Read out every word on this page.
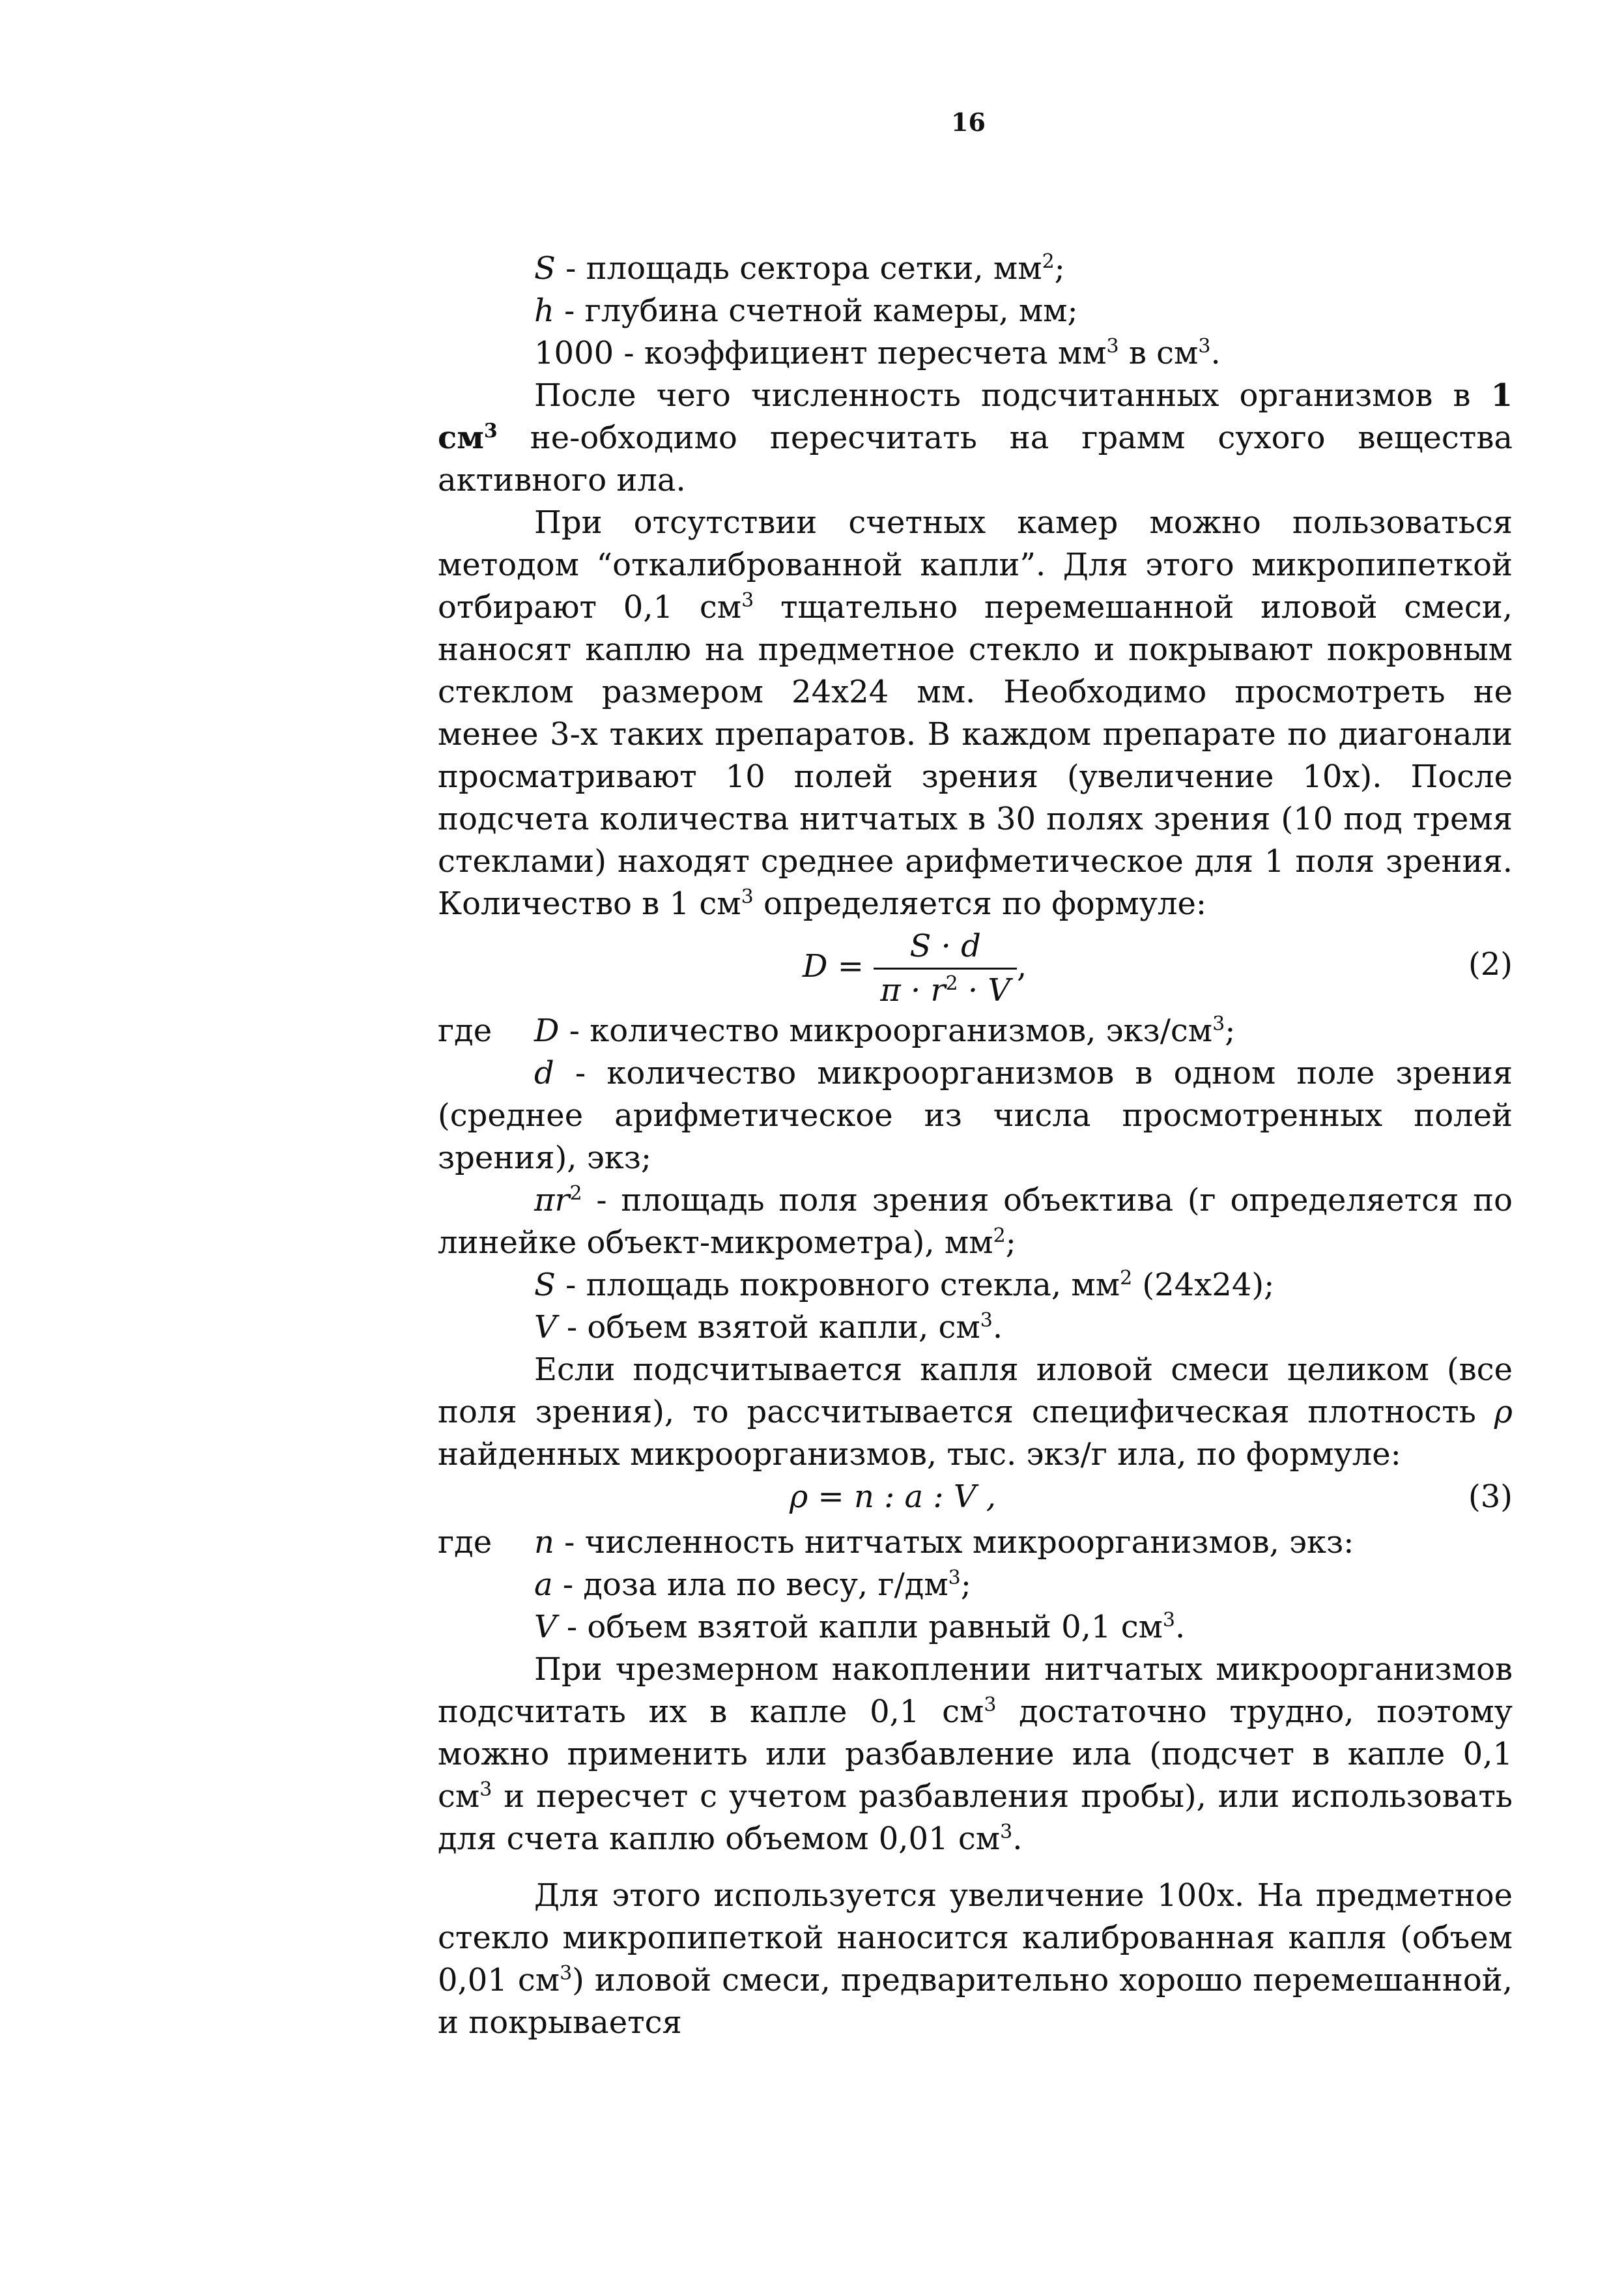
16

S - площадь сектора сетки, $мм^2$;

h - глубина счетной камеры, мм;

1000 - коэффициент пересчета $мм^3$ в $см^3$.

После чего численность подсчитанных организмов в 1 $см^3$ не-обходимо пересчитать на грамм сухого вещества активного ила.

При отсутствии счетных камер можно пользоваться методом “откалиброванной капли”. Для этого микропипеткой отбирают 0,1 $см^3$ тщательно перемешанной иловой смеси, наносят каплю на предметное стекло и покрывают покровным стеклом размером 24х24 мм. Необходимо просмотреть не менее 3-х таких препаратов. В каждом препарате по диагонали просматривают 10 полей зрения (увеличение 10х). После подсчета количества нитчатых в 30 полях зрения (10 под тремя стеклами) находят среднее арифметическое для 1 поля зрения. Количество в 1 $см^3$ определяется по формуле:

$D = \frac{S \cdot d}{\pi \cdot r^2 \cdot V}$ ,	(2)
где	D - количество микроорганизмов, экз/$см^3$;

d - количество микроорганизмов в одном поле зрения (среднее арифметическое из числа просмотренных полей зрения), экз;

$\pi r^2$ - площадь поля зрения объектива (г определяется по линейке объект-микрометра), $мм^2$;

S - площадь покровного стекла, $мм^2$ (24х24);

V - объем взятой капли, $см^3$.

Если подсчитывается капля иловой смеси целиком (все поля зрения), то рассчитывается специфическая плотность ρ найденных микроорганизмов, тыс. экз/г ила, по формуле:

ρ = n : a : V ,	(3)
где	n - численность нитчатых микроорганизмов, экз:

a - доза ила по весу, $г/дм^3$;

V - объем взятой капли равный 0,1 $см^3$.

При чрезмерном накоплении нитчатых микроорганизмов подсчитать их в капле 0,1 $см^3$ достаточно трудно, поэтому можно применить или разбавление ила (подсчет в капле 0,1 $см^3$ и пересчет с учетом разбавления пробы), или использовать для счета каплю объемом 0,01 $см^3$.

Для этого используется увеличение 100х. На предметное стекло микропипеткой наносится калиброванная капля (объем 0,01 $см^3$) иловой смеси, предварительно хорошо перемешанной, и покрывается
